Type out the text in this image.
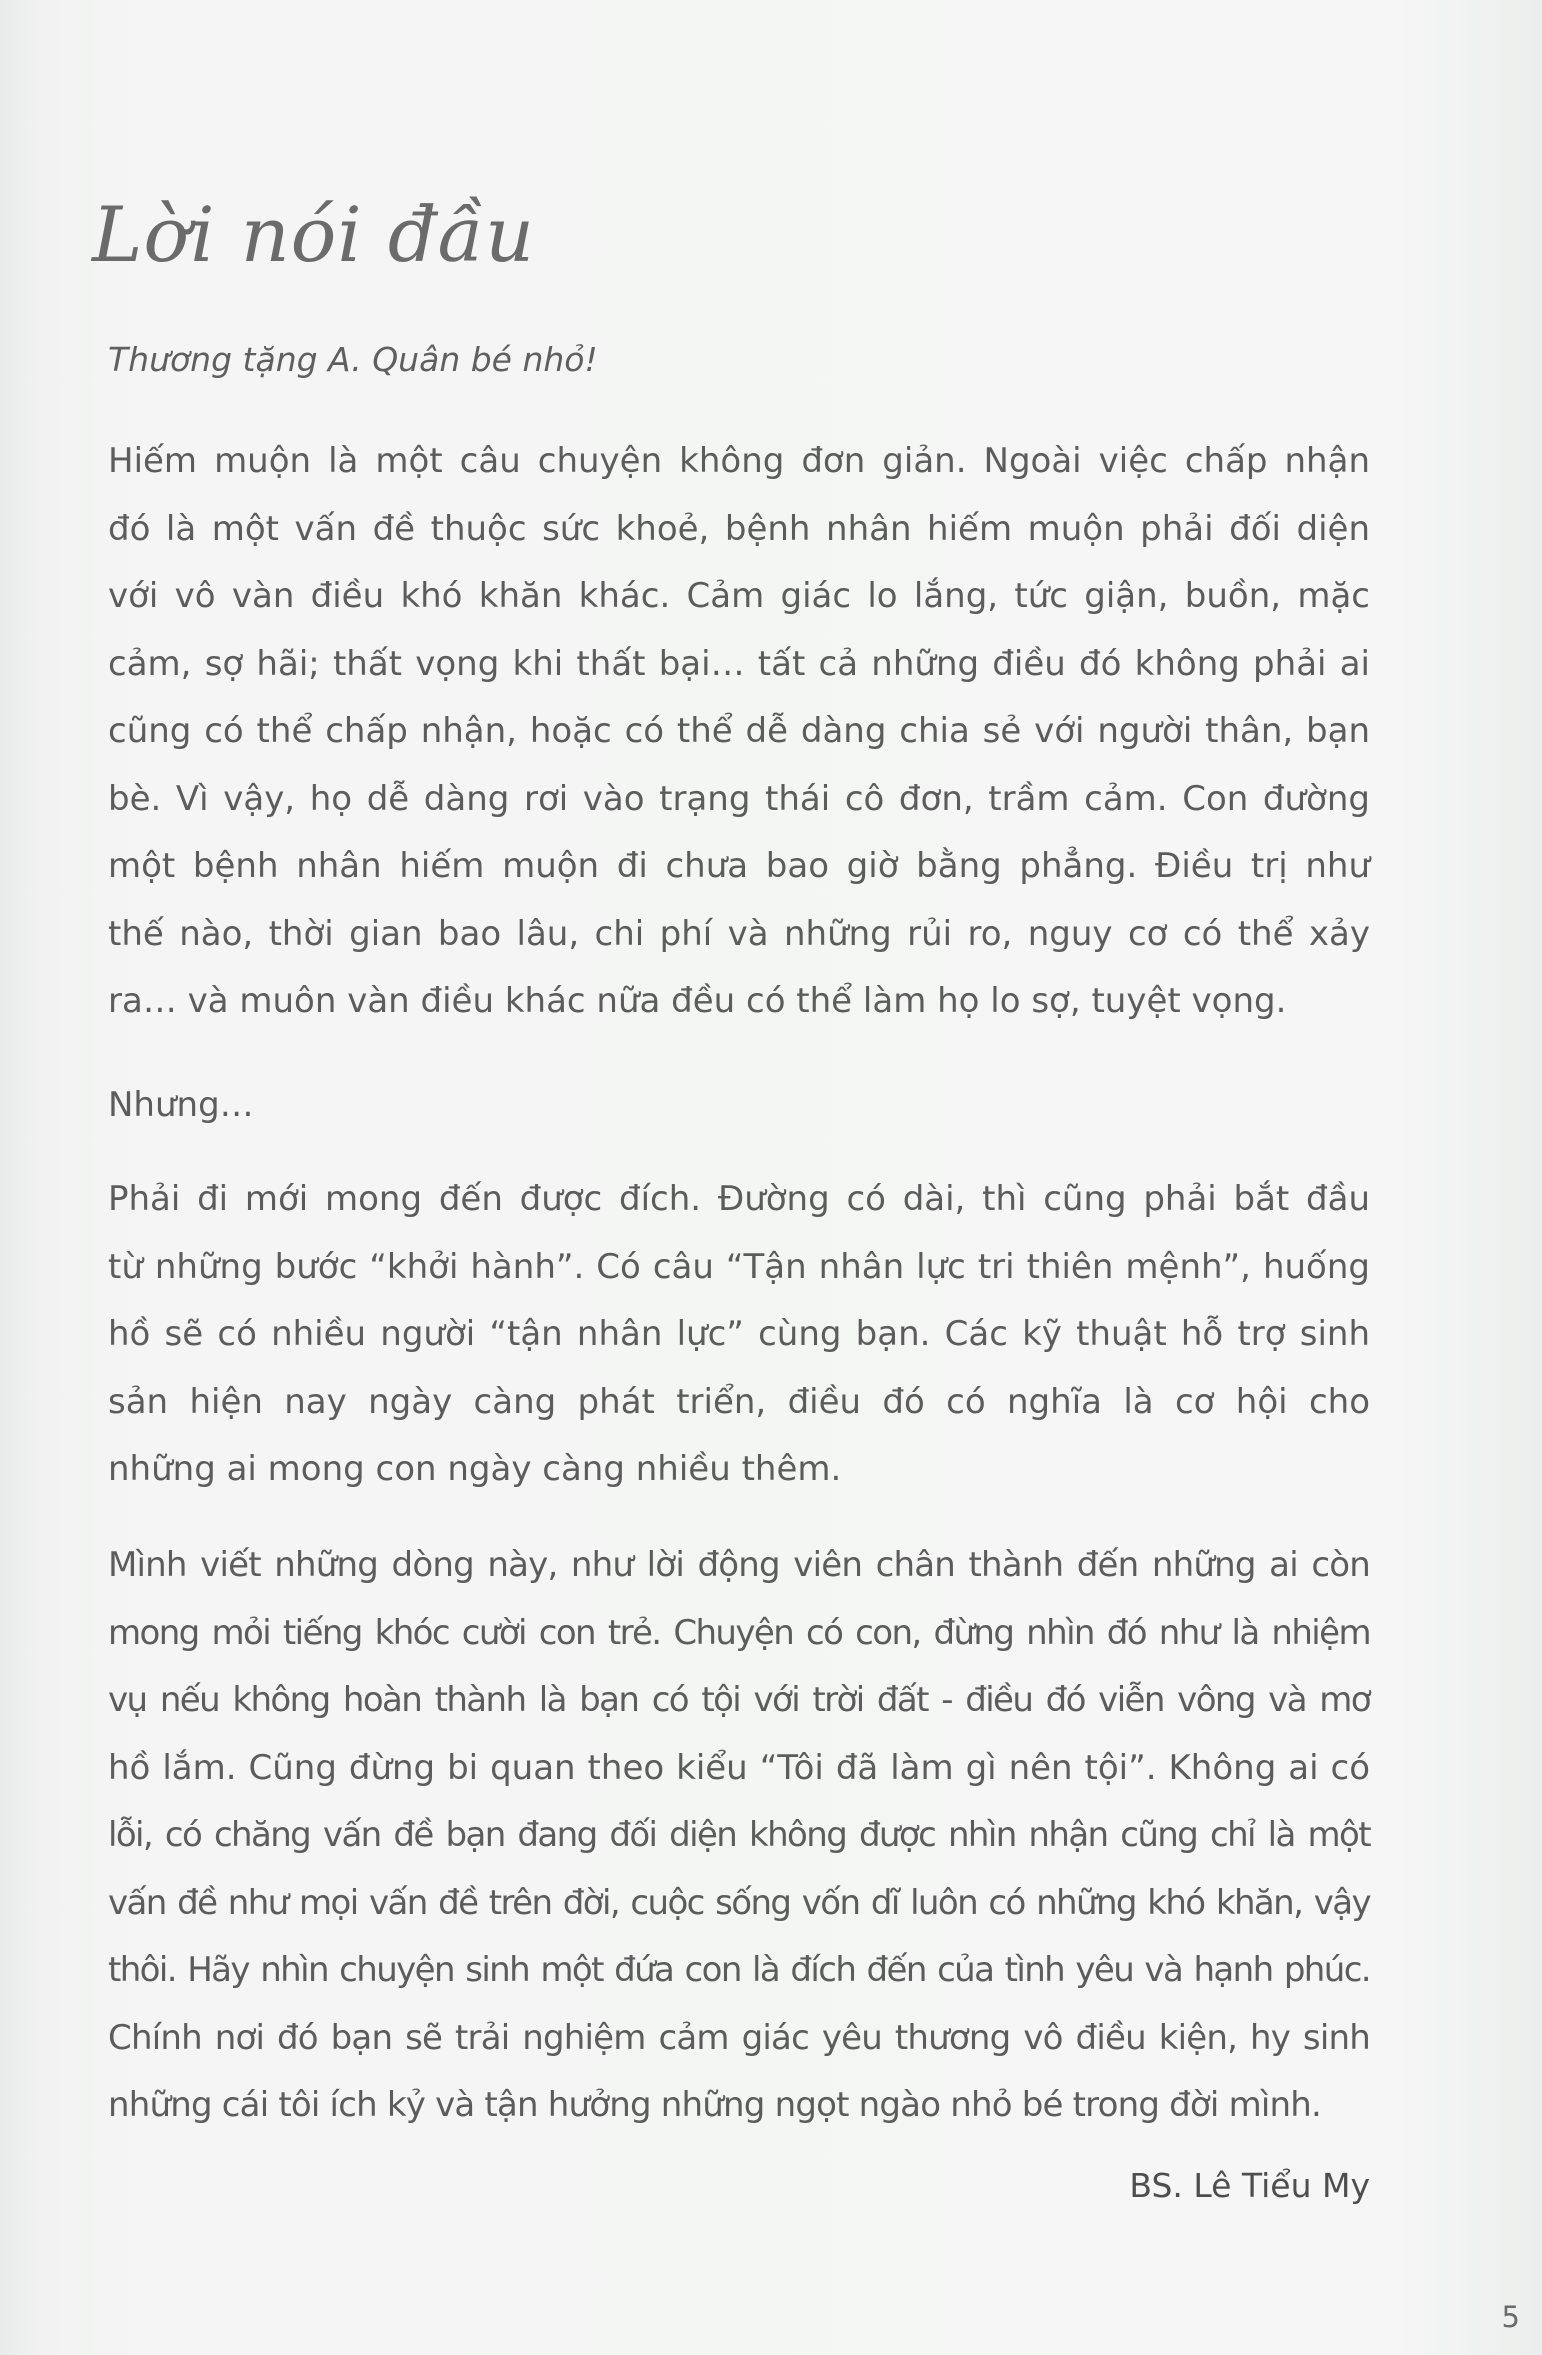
Lời nói đầu
Thương tặng A. Quân bé nhỏ!
Hiếm muộn là một câu chuyện không đơn giản. Ngoài việc chấp nhận
đó là một vấn đề thuộc sức khoẻ, bệnh nhân hiếm muộn phải đối diện
với vô vàn điều khó khăn khác. Cảm giác lo lắng, tức giận, buồn, mặc
cảm, sợ hãi; thất vọng khi thất bại… tất cả những điều đó không phải ai
cũng có thể chấp nhận, hoặc có thể dễ dàng chia sẻ với người thân, bạn
bè. Vì vậy, họ dễ dàng rơi vào trạng thái cô đơn, trầm cảm. Con đường
một bệnh nhân hiếm muộn đi chưa bao giờ bằng phẳng. Điều trị như
thế nào, thời gian bao lâu, chi phí và những rủi ro, nguy cơ có thể xảy
ra… và muôn vàn điều khác nữa đều có thể làm họ lo sợ, tuyệt vọng.
Nhưng…
Phải đi mới mong đến được đích. Đường có dài, thì cũng phải bắt đầu
từ những bước “khởi hành”. Có câu “Tận nhân lực tri thiên mệnh”, huống
hồ sẽ có nhiều người “tận nhân lực” cùng bạn. Các kỹ thuật hỗ trợ sinh
sản hiện nay ngày càng phát triển, điều đó có nghĩa là cơ hội cho
những ai mong con ngày càng nhiều thêm.
Mình viết những dòng này, như lời động viên chân thành đến những ai còn
mong mỏi tiếng khóc cười con trẻ. Chuyện có con, đừng nhìn đó như là nhiệm
vụ nếu không hoàn thành là bạn có tội với trời đất - điều đó viễn vông và mơ
hồ lắm. Cũng đừng bi quan theo kiểu “Tôi đã làm gì nên tội”. Không ai có
lỗi, có chăng vấn đề bạn đang đối diện không được nhìn nhận cũng chỉ là một
vấn đề như mọi vấn đề trên đời, cuộc sống vốn dĩ luôn có những khó khăn, vậy
thôi. Hãy nhìn chuyện sinh một đứa con là đích đến của tình yêu và hạnh phúc.
Chính nơi đó bạn sẽ trải nghiệm cảm giác yêu thương vô điều kiện, hy sinh
những cái tôi ích kỷ và tận hưởng những ngọt ngào nhỏ bé trong đời mình.
BS. Lê Tiểu My
5
